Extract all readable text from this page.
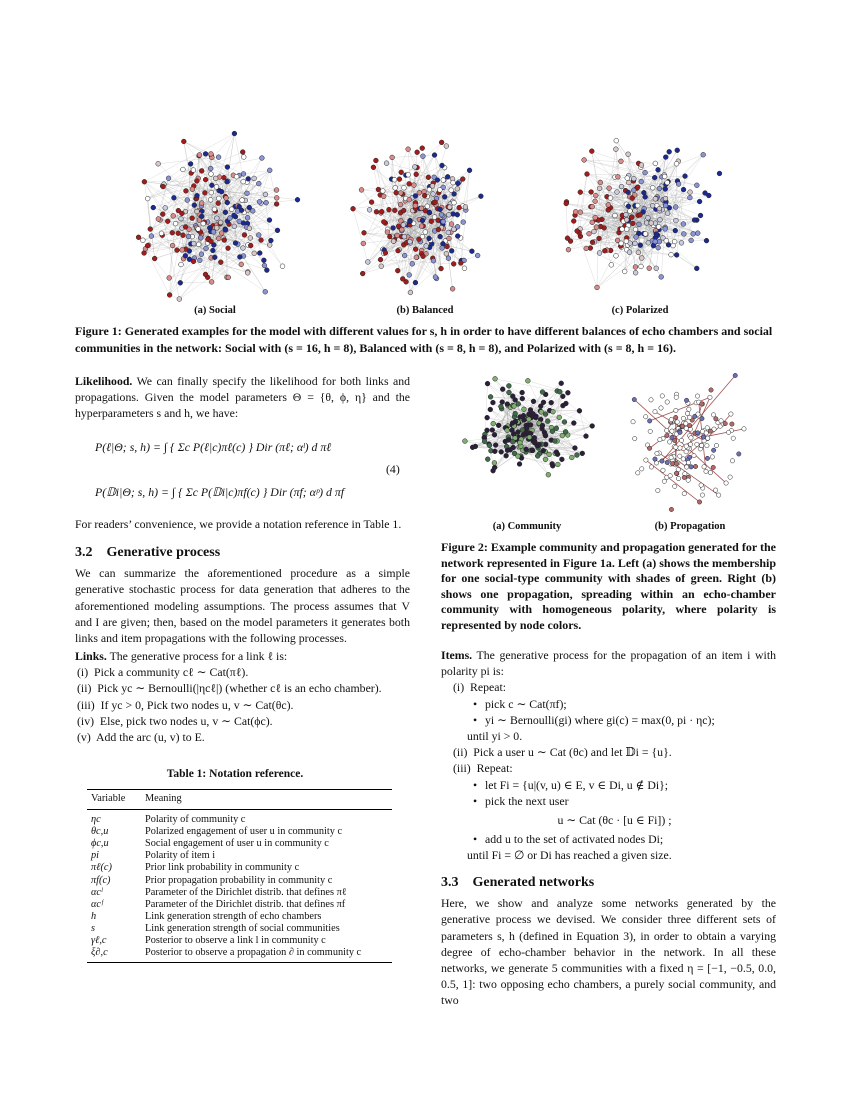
(a) Social	(b) Balanced	(c) Polarized
Figure 1: Generated examples for the model with different values for s, h in order to have different balances of echo chambers and social communities in the network: Social with (s = 16, h = 8), Balanced with (s = 8, h = 8), and Polarized with (s = 8, h = 16).

Likelihood. We can finally specify the likelihood for both links and propagations. Given the model parameters Θ = {θ, ϕ, η} and the hyperparameters s and h, we have:

P(ℓ|Θ; s, h) = ∫ { Σc P(ℓ|c)πℓ(c) } Dir (πℓ; αˡ) d πℓ
P(𝔻i|Θ; s, h) = ∫ { Σc P(𝔻i|c)πf(c) } Dir (πf; αᵖ) d πf
(4)
For readers’ convenience, we provide a notation reference in Table 1.

3.2    Generative process

We can summarize the aforementioned procedure as a simple generative stochastic process for data generation that adheres to the aforementioned modeling assumptions. The process assumes that V and I are given; then, based on the model parameters it generates both links and item propagations with the following processes.

Links. The generative process for a link ℓ is:

(i)  Pick a community cℓ ∼ Cat(πℓ).
(ii)  Pick yc ∼ Bernoulli(|ηcℓ|) (whether cℓ is an echo chamber).
(iii)  If yc > 0, Pick two nodes u, v ∼ Cat(θc).
(iv)  Else, pick two nodes u, v ∼ Cat(ϕc).
(v)  Add the arc (u, v) to E.
Table 1: Notation reference.
Variable	Meaning
ηc	Polarity of community c
θc,u	Polarized engagement of user u in community c
ϕc,u	Social engagement of user u in community c
pi	Polarity of item i
πℓ(c)	Prior link probability in community c
πf(c)	Prior propagation probability in community c
αcˡ	Parameter of the Dirichlet distrib. that defines πℓ
αcᶠ	Parameter of the Dirichlet distrib. that defines πf
h	Link generation strength of echo chambers
s	Link generation strength of social communities
γℓ,c	Posterior to observe a link l in community c
ξ∂,c	Posterior to observe a propagation ∂ in community c
(a) Community	(b) Propagation
Figure 2: Example community and propagation generated for the network represented in Figure 1a. Left (a) shows the membership for one social-type community with shades of green. Right (b) shows one propagation, spreading within an echo-chamber community with homogeneous polarity, where polarity is represented by node colors.

Items. The generative process for the propagation of an item i with polarity pi is:

(i)  Repeat:
• pick c ∼ Cat(πf);
• yi ∼ Bernoulli(gi) where gi(c) = max(0, pi · ηc);
until yi > 0.
(ii)  Pick a user u ∼ Cat (θc) and let 𝔻i = {u}.
(iii)  Repeat:
• let Fi = {u|(v, u) ∈ E, v ∈ Di, u ∉ Di};
• pick the next user
u ∼ Cat (θc · [u ∈ Fi]) ;
• add u to the set of activated nodes Di;
until Fi = ∅ or Di has reached a given size.

3.3    Generated networks

Here, we show and analyze some networks generated by the generative process we devised. We consider three different sets of parameters s, h (defined in Equation 3), in order to obtain a varying degree of echo-chamber behavior in the network. In all these networks, we generate 5 communities with a fixed η = [−1, −0.5, 0.0, 0.5, 1]: two opposing echo chambers, a purely social community, and two
